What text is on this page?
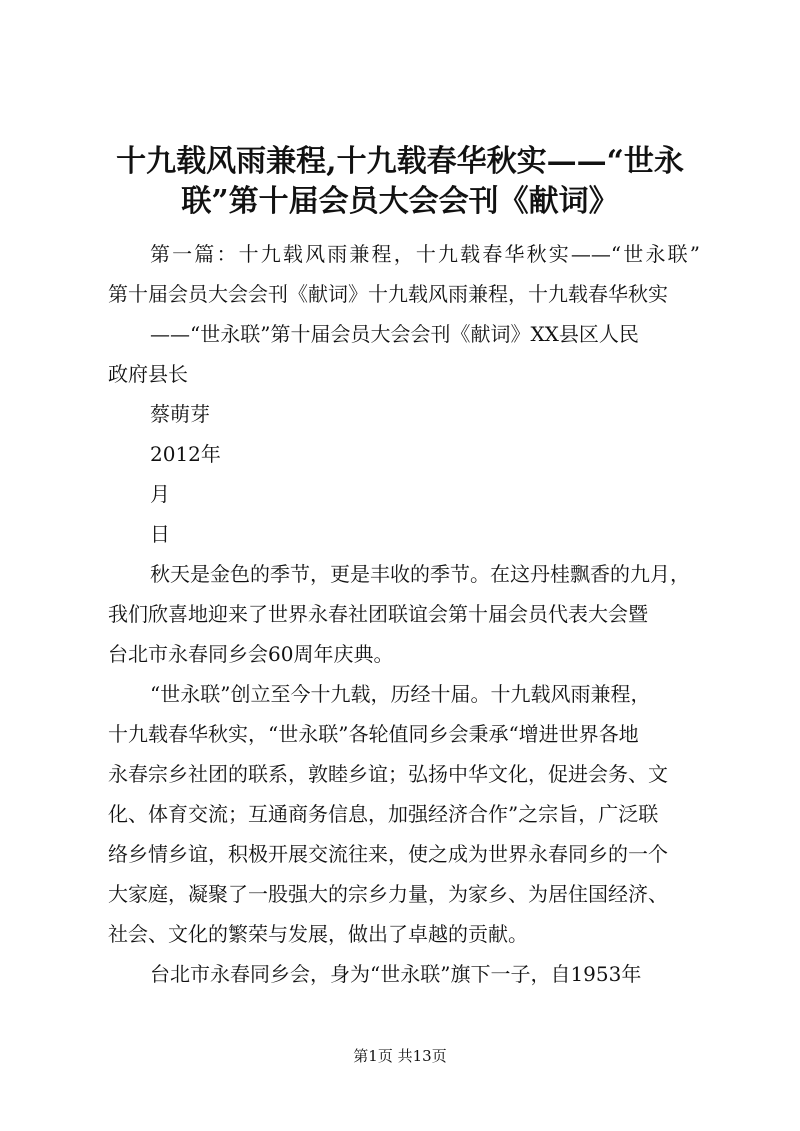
十九载风雨兼程,十九载春华秋实——“世永
联”第十届会员大会会刊《献词》

第一篇：十九载风雨兼程，十九载春华秋实——“世永联”

第十届会员大会会刊《献词》十九载风雨兼程，十九载春华秋实

——“世永联”第十届会员大会会刊《献词》XX县区人民

政府县长

蔡萌芽

2012年

月

日

秋天是金色的季节，更是丰收的季节。在这丹桂飘香的九月，

我们欣喜地迎来了世界永春社团联谊会第十届会员代表大会暨

台北市永春同乡会60周年庆典。

“世永联”创立至今十九载，历经十届。十九载风雨兼程，

十九载春华秋实，“世永联”各轮值同乡会秉承“增进世界各地

永春宗乡社团的联系，敦睦乡谊；弘扬中华文化，促进会务、文

化、体育交流；互通商务信息，加强经济合作”之宗旨，广泛联

络乡情乡谊，积极开展交流往来，使之成为世界永春同乡的一个

大家庭，凝聚了一股强大的宗乡力量，为家乡、为居住国经济、

社会、文化的繁荣与发展，做出了卓越的贡献。

台北市永春同乡会，身为“世永联”旗下一子，自1953年

第1页 共13页
